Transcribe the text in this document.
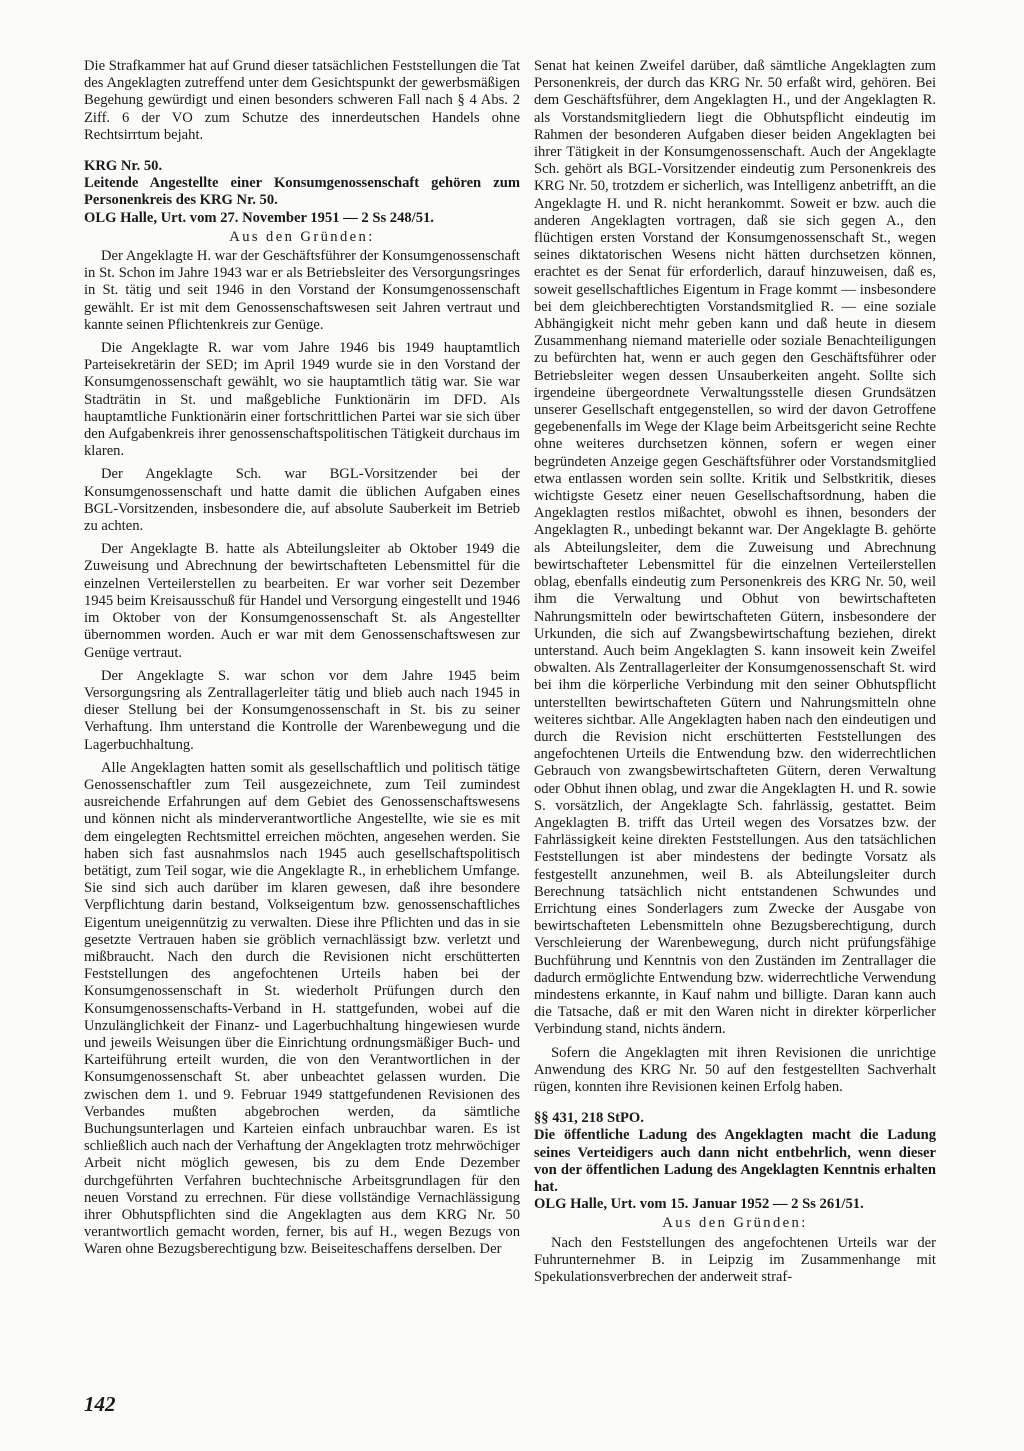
Die Strafkammer hat auf Grund dieser tatsächlichen Feststellungen die Tat des Angeklagten zutreffend unter dem Gesichtspunkt der gewerbsmäßigen Begehung gewürdigt und einen besonders schweren Fall nach § 4 Abs. 2 Ziff. 6 der VO zum Schutze des innerdeutschen Handels ohne Rechtsirrtum bejaht.

KRG Nr. 50.

Leitende Angestellte einer Konsumgenossenschaft gehören zum Personenkreis des KRG Nr. 50.

OLG Halle, Urt. vom 27. November 1951 — 2 Ss 248/51.

Aus den Gründen:

Der Angeklagte H. war der Geschäftsführer der Konsumgenossenschaft in St. Schon im Jahre 1943 war er als Betriebsleiter des Versorgungsringes in St. tätig und seit 1946 in den Vorstand der Konsumgenossenschaft gewählt. Er ist mit dem Genossenschaftswesen seit Jahren vertraut und kannte seinen Pflichtenkreis zur Genüge.

Die Angeklagte R. war vom Jahre 1946 bis 1949 hauptamtlich Parteisekretärin der SED; im April 1949 wurde sie in den Vorstand der Konsumgenossenschaft gewählt, wo sie hauptamtlich tätig war. Sie war Stadträtin in St. und maßgebliche Funktionärin im DFD. Als hauptamtliche Funktionärin einer fortschrittlichen Partei war sie sich über den Aufgabenkreis ihrer genossenschaftspolitischen Tätigkeit durchaus im klaren.

Der Angeklagte Sch. war BGL-Vorsitzender bei der Konsumgenossenschaft und hatte damit die üblichen Aufgaben eines BGL-Vorsitzenden, insbesondere die, auf absolute Sauberkeit im Betrieb zu achten.

Der Angeklagte B. hatte als Abteilungsleiter ab Oktober 1949 die Zuweisung und Abrechnung der bewirtschafteten Lebensmittel für die einzelnen Verteilerstellen zu bearbeiten. Er war vorher seit Dezember 1945 beim Kreisausschuß für Handel und Versorgung eingestellt und 1946 im Oktober von der Konsumgenossenschaft St. als Angestellter übernommen worden. Auch er war mit dem Genossenschaftswesen zur Genüge vertraut.

Der Angeklagte S. war schon vor dem Jahre 1945 beim Versorgungsring als Zentrallagerleiter tätig und blieb auch nach 1945 in dieser Stellung bei der Konsumgenossenschaft in St. bis zu seiner Verhaftung. Ihm unterstand die Kontrolle der Warenbewegung und die Lagerbuchhaltung.

Alle Angeklagten hatten somit als gesellschaftlich und politisch tätige Genossenschaftler zum Teil ausgezeichnete, zum Teil zumindest ausreichende Erfahrungen auf dem Gebiet des Genossenschaftswesens und können nicht als minderverantwortliche Angestellte, wie sie es mit dem eingelegten Rechtsmittel erreichen möchten, angesehen werden. Sie haben sich fast ausnahmslos nach 1945 auch gesellschaftspolitisch betätigt, zum Teil sogar, wie die Angeklagte R., in erheblichem Umfange. Sie sind sich auch darüber im klaren gewesen, daß ihre besondere Verpflichtung darin bestand, Volkseigentum bzw. genossenschaftliches Eigentum uneigennützig zu verwalten. Diese ihre Pflichten und das in sie gesetzte Vertrauen haben sie gröblich vernachlässigt bzw. verletzt und mißbraucht. Nach den durch die Revisionen nicht erschütterten Feststellungen des angefochtenen Urteils haben bei der Konsumgenossenschaft in St. wiederholt Prüfungen durch den Konsumgenossenschafts-Verband in H. stattgefunden, wobei auf die Unzulänglichkeit der Finanz- und Lagerbuchhaltung hingewiesen wurde und jeweils Weisungen über die Einrichtung ordnungsmäßiger Buch- und Karteiführung erteilt wurden, die von den Verantwortlichen in der Konsumgenossenschaft St. aber unbeachtet gelassen wurden. Die zwischen dem 1. und 9. Februar 1949 stattgefundenen Revisionen des Verbandes mußten abgebrochen werden, da sämtliche Buchungsunterlagen und Karteien einfach unbrauchbar waren. Es ist schließlich auch nach der Verhaftung der Angeklagten trotz mehrwöchiger Arbeit nicht möglich gewesen, bis zu dem Ende Dezember durchgeführten Verfahren buchtechnische Arbeitsgrundlagen für den neuen Vorstand zu errechnen. Für diese vollständige Vernachlässigung ihrer Obhutspflichten sind die Angeklagten aus dem KRG Nr. 50 verantwortlich gemacht worden, ferner, bis auf H., wegen Bezugs von Waren ohne Bezugsberechtigung bzw. Beiseiteschaffens derselben. Der

Senat hat keinen Zweifel darüber, daß sämtliche Angeklagten zum Personenkreis, der durch das KRG Nr. 50 erfaßt wird, gehören. Bei dem Geschäftsführer, dem Angeklagten H., und der Angeklagten R. als Vorstandsmitgliedern liegt die Obhutspflicht eindeutig im Rahmen der besonderen Aufgaben dieser beiden Angeklagten bei ihrer Tätigkeit in der Konsumgenossenschaft. Auch der Angeklagte Sch. gehört als BGL-Vorsitzender eindeutig zum Personenkreis des KRG Nr. 50, trotzdem er sicherlich, was Intelligenz anbetrifft, an die Angeklagte H. und R. nicht herankommt. Soweit er bzw. auch die anderen Angeklagten vortragen, daß sie sich gegen A., den flüchtigen ersten Vorstand der Konsumgenossenschaft St., wegen seines diktatorischen Wesens nicht hätten durchsetzen können, erachtet es der Senat für erforderlich, darauf hinzuweisen, daß es, soweit gesellschaftliches Eigentum in Frage kommt — insbesondere bei dem gleichberechtigten Vorstandsmitglied R. — eine soziale Abhängigkeit nicht mehr geben kann und daß heute in diesem Zusammenhang niemand materielle oder soziale Benachteiligungen zu befürchten hat, wenn er auch gegen den Geschäftsführer oder Betriebsleiter wegen dessen Unsauberkeiten angeht. Sollte sich irgendeine übergeordnete Verwaltungsstelle diesen Grundsätzen unserer Gesellschaft entgegenstellen, so wird der davon Getroffene gegebenenfalls im Wege der Klage beim Arbeitsgericht seine Rechte ohne weiteres durchsetzen können, sofern er wegen einer begründeten Anzeige gegen Geschäftsführer oder Vorstandsmitglied etwa entlassen worden sein sollte. Kritik und Selbstkritik, dieses wichtigste Gesetz einer neuen Gesellschaftsordnung, haben die Angeklagten restlos mißachtet, obwohl es ihnen, besonders der Angeklagten R., unbedingt bekannt war. Der Angeklagte B. gehörte als Abteilungsleiter, dem die Zuweisung und Abrechnung bewirtschafteter Lebensmittel für die einzelnen Verteilerstellen oblag, ebenfalls eindeutig zum Personenkreis des KRG Nr. 50, weil ihm die Verwaltung und Obhut von bewirtschafteten Nahrungsmitteln oder bewirtschafteten Gütern, insbesondere der Urkunden, die sich auf Zwangsbewirtschaftung beziehen, direkt unterstand. Auch beim Angeklagten S. kann insoweit kein Zweifel obwalten. Als Zentrallagerleiter der Konsumgenossenschaft St. wird bei ihm die körperliche Verbindung mit den seiner Obhutspflicht unterstellten bewirtschafteten Gütern und Nahrungsmitteln ohne weiteres sichtbar. Alle Angeklagten haben nach den eindeutigen und durch die Revision nicht erschütterten Feststellungen des angefochtenen Urteils die Entwendung bzw. den widerrechtlichen Gebrauch von zwangsbewirtschafteten Gütern, deren Verwaltung oder Obhut ihnen oblag, und zwar die Angeklagten H. und R. sowie S. vorsätzlich, der Angeklagte Sch. fahrlässig, gestattet. Beim Angeklagten B. trifft das Urteil wegen des Vorsatzes bzw. der Fahrlässigkeit keine direkten Feststellungen. Aus den tatsächlichen Feststellungen ist aber mindestens der bedingte Vorsatz als festgestellt anzunehmen, weil B. als Abteilungsleiter durch Berechnung tatsächlich nicht entstandenen Schwundes und Errichtung eines Sonderlagers zum Zwecke der Ausgabe von bewirtschafteten Lebensmitteln ohne Bezugsberechtigung, durch Verschleierung der Warenbewegung, durch nicht prüfungsfähige Buchführung und Kenntnis von den Zuständen im Zentrallager die dadurch ermöglichte Entwendung bzw. widerrechtliche Verwendung mindestens erkannte, in Kauf nahm und billigte. Daran kann auch die Tatsache, daß er mit den Waren nicht in direkter körperlicher Verbindung stand, nichts ändern.

Sofern die Angeklagten mit ihren Revisionen die unrichtige Anwendung des KRG Nr. 50 auf den festgestellten Sachverhalt rügen, konnten ihre Revisionen keinen Erfolg haben.

§§ 431, 218 StPO.

Die öffentliche Ladung des Angeklagten macht die Ladung seines Verteidigers auch dann nicht entbehrlich, wenn dieser von der öffentlichen Ladung des Angeklagten Kenntnis erhalten hat.

OLG Halle, Urt. vom 15. Januar 1952 — 2 Ss 261/51.

Aus den Gründen:

Nach den Feststellungen des angefochtenen Urteils war der Fuhrunternehmer B. in Leipzig im Zusammenhange mit Spekulationsverbrechen der anderweit straf-

142
